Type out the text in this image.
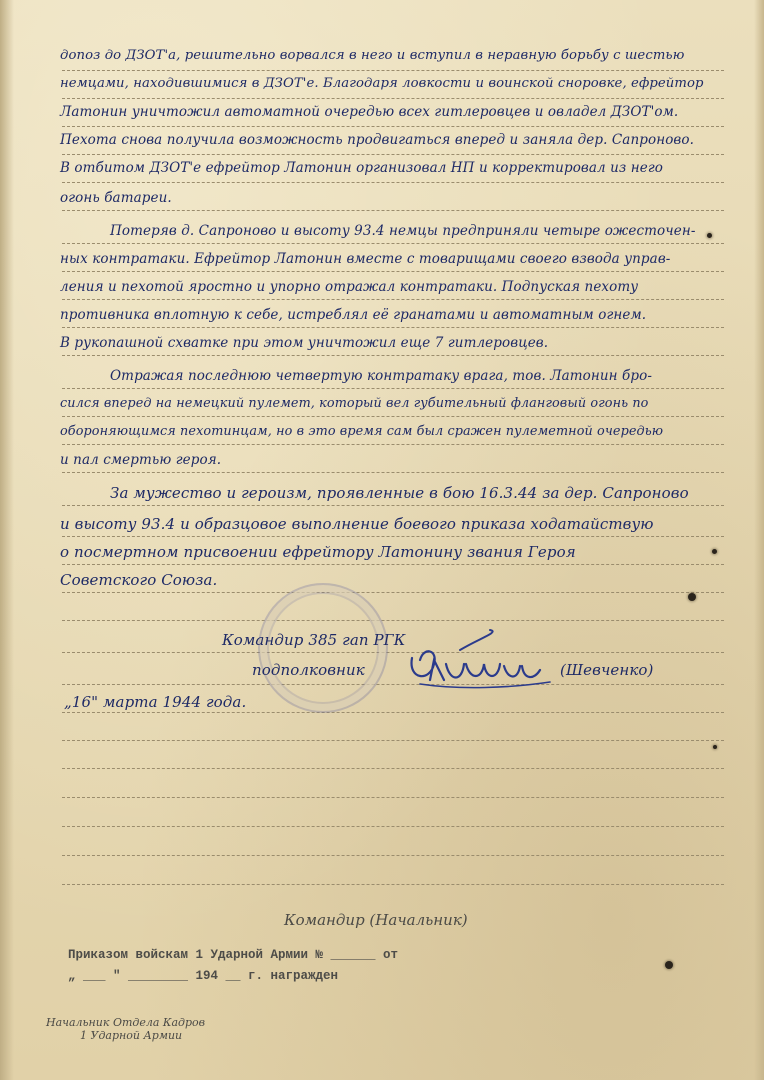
допоз до ДЗОТ'а, решительно ворвался в него и вступил в неравную борьбу с шестью

немцами, находившимися в ДЗОТ'е. Благодаря ловкости и воинской сноровке, ефрейтор

Латонин уничтожил автоматной очередью всех гитлеровцев и овладел ДЗОТ'ом.

Пехота снова получила возможность продвигаться вперед и заняла дер. Сапроново.

В отбитом ДЗОТ'е ефрейтор Латонин организовал НП и корректировал из него

огонь батареи.

Потеряв д. Сапроново и высоту 93.4 немцы предприняли четыре ожесточен-

ных контратаки. Ефрейтор Латонин вместе с товарищами своего взвода управ-

ления и пехотой яростно и упорно отражал контратаки. Подпуская пехоту

противника вплотную к себе, истреблял её гранатами и автоматным огнем.

В рукопашной схватке при этом уничтожил еще 7 гитлеровцев.

Отражая последнюю четвертую контратаку врага, тов. Латонин бро-

сился вперед на немецкий пулемет, который вел губительный фланговый огонь по

обороняющимся пехотинцам, но в это время сам был сражен пулеметной очередью

и пал смертью героя.

За мужество и героизм, проявленные в бою 16.3.44 за дер. Сапроново

и высоту 93.4 и образцовое выполнение боевого приказа ходатайствую

о посмертном присвоении ефрейтору Латонину звания Героя

Советского Союза.

Командир 385 гап РГК

подполковник	(Шевченко)

„16" марта 1944 года.

Командир (Начальник)

Приказом войскам 1 Ударной Армии № ______ от

„ ___ " ________ 194 __ г. награжден

Начальник Отдела Кадров

1 Ударной Армии
